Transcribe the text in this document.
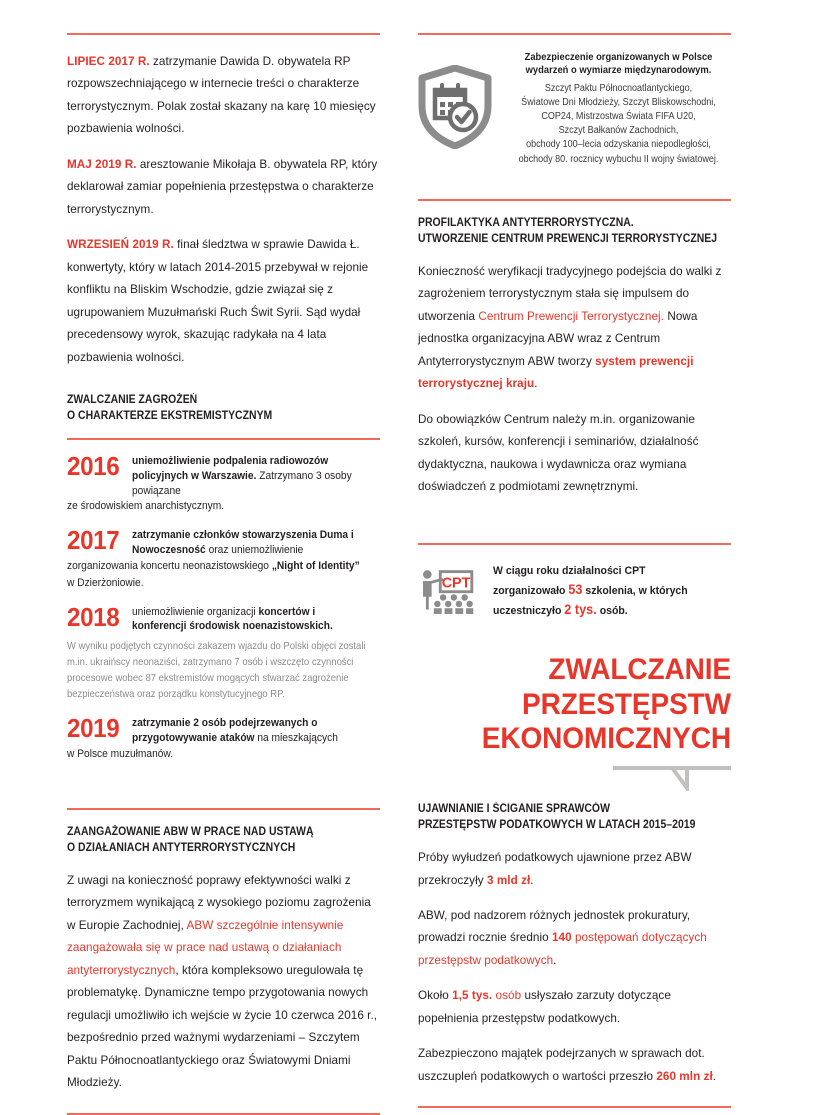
LIPIEC 2017 R. zatrzymanie Dawida D. obywatela RP rozpowszechniającego w internecie treści o charakterze terrorystycznym. Polak został skazany na karę 10 miesięcy pozbawienia wolności.

MAJ 2019 R. aresztowanie Mikołaja B. obywatela RP, który deklarował zamiar popełnienia przestępstwa o charakterze terrorystycznym.

WRZESIEŃ 2019 R. finał śledztwa w sprawie Dawida Ł. konwertyty, który w latach 2014-2015 przebywał w rejonie konfliktu na Bliskim Wschodzie, gdzie związał się z ugrupowaniem Muzułmański Ruch Świt Syrii. Sąd wydał precedensowy wyrok, skazując radykała na 4 lata pozbawienia wolności.

ZWALCZANIE ZAGROŻEŃ
O CHARAKTERZE EKSTREMISTYCZNYM
2016 uniemożliwienie podpalenia radiowozów policyjnych w Warszawie. Zatrzymano 3 osoby powiązane
ze środowiskiem anarchistycznym.
2017 zatrzymanie członków stowarzyszenia Duma i Nowoczesność oraz uniemożliwienie
zorganizowania koncertu neonazistowskiego „Night of Identity”
w Dzierżoniowie.
2018 uniemożliwienie organizacji koncertów i konferencji środowisk noenazistowskich.
W wyniku podjętych czynności zakazem wjazdu do Polski objęci zostali m.in. ukraińscy neonaziści, zatrzymano 7 osób i wszczęto czynności procesowe wobec 87 ekstremistów mogących stwarzać zagrożenie bezpieczeństwa oraz porządku konstytucyjnego RP.
2019 zatrzymanie 2 osób podejrzewanych o przygotowywanie ataków na mieszkających
w Polsce muzułmanów.
ZAANGAŻOWANIE ABW W PRACE NAD USTAWĄ
O DZIAŁANIACH ANTYTERRORYSTYCZNYCH

Z uwagi na konieczność poprawy efektywności walki z terroryzmem wynikającą z wysokiego poziomu zagrożenia w Europie Zachodniej, ABW szczególnie intensywnie zaangażowała się w prace nad ustawą o działaniach antyterrorystycznych, która kompleksowo uregulowała tę problematykę. Dynamiczne tempo przygotowania nowych regulacji umożliwiło ich wejście w życie 10 czerwca 2016 r., bezpośrednio przed ważnymi wydarzeniami – Szczytem Paktu Północnoatlantyckiego oraz Światowymi Dniami Młodzieży.

Zabezpieczenie organizowanych w Polsce wydarzeń o wymiarze międzynarodowym.
Szczyt Paktu Północnoatlantyckiego,
Światowe Dni Młodzieży, Szczyt Bliskowschodni,
COP24, Mistrzostwa Świata FIFA U20,
Szczyt Bałkanów Zachodnich,
obchody 100–lecia odzyskania niepodległości,
obchody 80. rocznicy wybuchu II wojny światowej.
PROFILAKTYKA ANTYTERRORYSTYCZNA.
UTWORZENIE CENTRUM PREWENCJI TERRORYSTYCZNEJ

Konieczność weryfikacji tradycyjnego podejścia do walki z zagrożeniem terrorystycznym stała się impulsem do utworzenia Centrum Prewencji Terrorystycznej. Nowa jednostka organizacyjna ABW wraz z Centrum Antyterrorystycznym ABW tworzy system prewencji terrorystycznej kraju.

Do obowiązków Centrum należy m.in. organizowanie szkoleń, kursów, konferencji i seminariów, działalność dydaktyczna, naukowa i wydawnicza oraz wymiana doświadczeń z podmiotami zewnętrznymi.

CPT
W ciągu roku działalności CPT
zorganizowało 53 szkolenia, w których
uczestniczyło 2 tys. osób.
ZWALCZANIE PRZESTĘPSTW
EKONOMICZNYCH
UJAWNIANIE I ŚCIGANIE SPRAWCÓW
PRZESTĘPSTW PODATKOWYCH W LATACH 2015–2019

Próby wyłudzeń podatkowych ujawnione przez ABW przekroczyły 3 mld zł.

ABW, pod nadzorem różnych jednostek prokuratury, prowadzi rocznie średnio 140 postępowań dotyczących przestępstw podatkowych.

Około 1,5 tys. osób usłyszało zarzuty dotyczące popełnienia przestępstw podatkowych.

Zabezpieczono majątek podejrzanych w sprawach dot. uszczupleń podatkowych o wartości przeszło 260 mln zł.
